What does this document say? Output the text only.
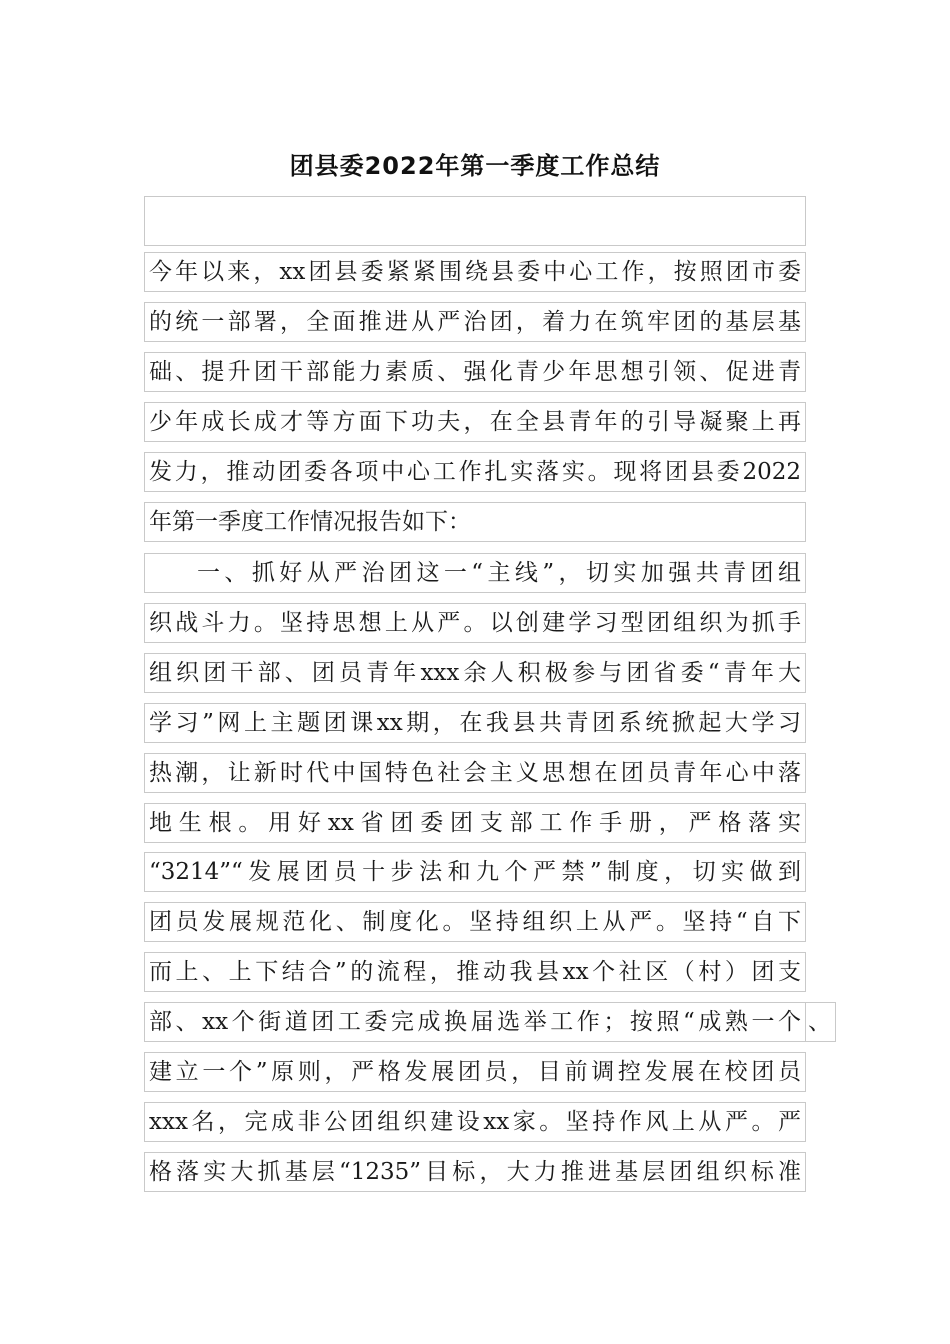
团县委2022年第一季度工作总结
今年以来，xx团县委紧紧围绕县委中心工作，按照团市委
的统一部署，全面推进从严治团，着力在筑牢团的基层基
础、提升团干部能力素质、强化青少年思想引领、促进青
少年成长成才等方面下功夫，在全县青年的引导凝聚上再
发力，推动团委各项中心工作扎实落实。现将团县委2022
年第一季度工作情况报告如下：
一、抓好从严治团这一“主线”，切实加强共青团组
织战斗力。坚持思想上从严。以创建学习型团组织为抓手
组织团干部、团员青年xxx余人积极参与团省委“青年大
学习”网上主题团课xx期，在我县共青团系统掀起大学习
热潮，让新时代中国特色社会主义思想在团员青年心中落
地生根。用好xx省团委团支部工作手册，严格落实
“3214”“发展团员十步法和九个严禁”制度，切实做到
团员发展规范化、制度化。坚持组织上从严。坚持“自下
而上、上下结合”的流程，推动我县xx个社区（村）团支
部、xx个街道团工委完成换届选举工作；按照“成熟一个 、
建立一个”原则，严格发展团员，目前调控发展在校团员
xxx名，完成非公团组织建设xx家。坚持作风上从严。严
格落实大抓基层“1235”目标，大力推进基层团组织标准
